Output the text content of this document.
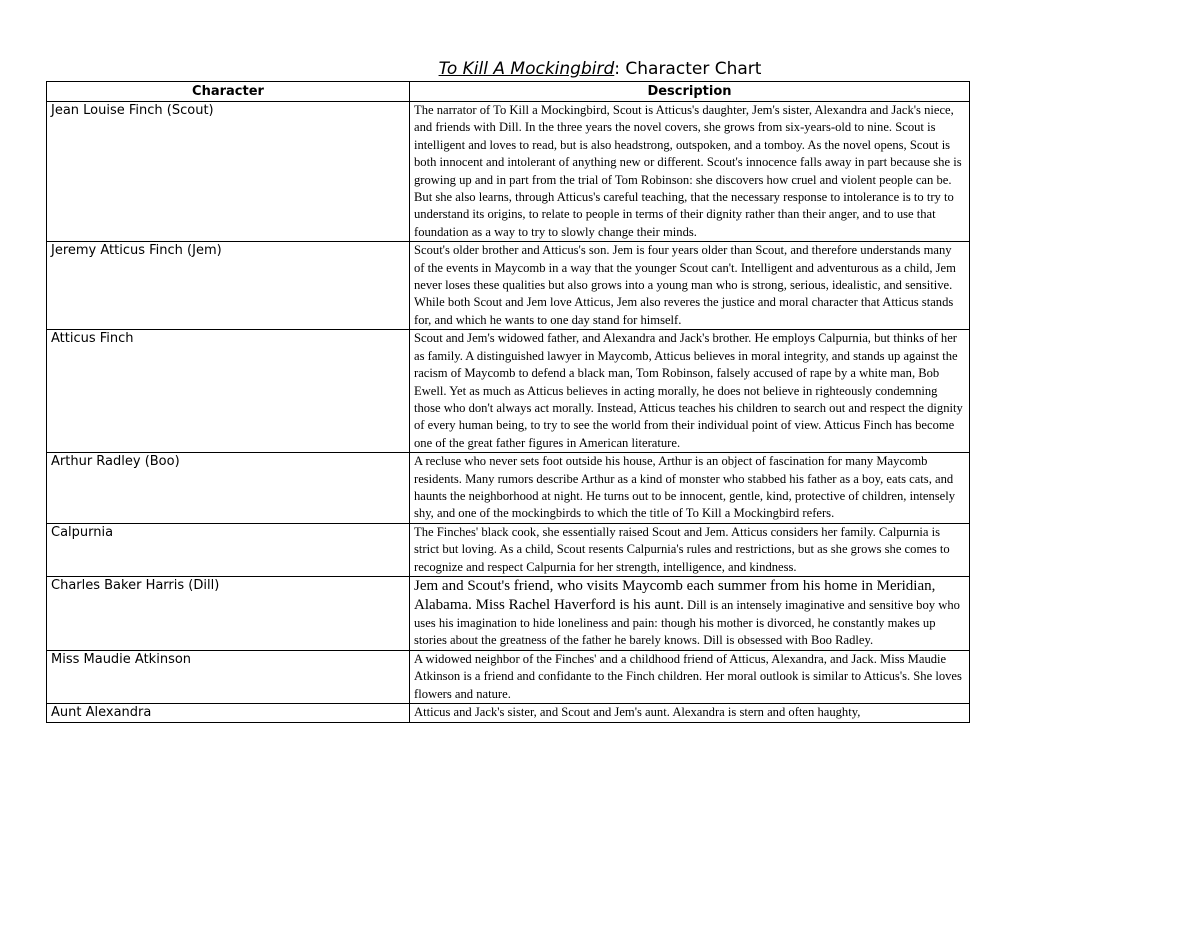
To Kill A Mockingbird: Character Chart
Character	Description
Jean Louise Finch (Scout)	The narrator of To Kill a Mockingbird, Scout is Atticus's daughter, Jem's sister, Alexandra and Jack's niece, and friends with Dill. In the three years the novel covers, she grows from six-years-old to nine. Scout is intelligent and loves to read, but is also headstrong, outspoken, and a tomboy. As the novel opens, Scout is both innocent and intolerant of anything new or different. Scout's innocence falls away in part because she is growing up and in part from the trial of Tom Robinson: she discovers how cruel and violent people can be. But she also learns, through Atticus's careful teaching, that the necessary response to intolerance is to try to understand its origins, to relate to people in terms of their dignity rather than their anger, and to use that foundation as a way to try to slowly change their minds.
Jeremy Atticus Finch (Jem)	Scout's older brother and Atticus's son. Jem is four years older than Scout, and therefore understands many of the events in Maycomb in a way that the younger Scout can't. Intelligent and adventurous as a child, Jem never loses these qualities but also grows into a young man who is strong, serious, idealistic, and sensitive. While both Scout and Jem love Atticus, Jem also reveres the justice and moral character that Atticus stands for, and which he wants to one day stand for himself.
Atticus Finch	Scout and Jem's widowed father, and Alexandra and Jack's brother. He employs Calpurnia, but thinks of her as family. A distinguished lawyer in Maycomb, Atticus believes in moral integrity, and stands up against the racism of Maycomb to defend a black man, Tom Robinson, falsely accused of rape by a white man, Bob Ewell. Yet as much as Atticus believes in acting morally, he does not believe in righteously condemning those who don't always act morally. Instead, Atticus teaches his children to search out and respect the dignity of every human being, to try to see the world from their individual point of view. Atticus Finch has become one of the great father figures in American literature.
Arthur Radley (Boo)	A recluse who never sets foot outside his house, Arthur is an object of fascination for many Maycomb residents. Many rumors describe Arthur as a kind of monster who stabbed his father as a boy, eats cats, and haunts the neighborhood at night. He turns out to be innocent, gentle, kind, protective of children, intensely shy, and one of the mockingbirds to which the title of To Kill a Mockingbird refers.
Calpurnia	The Finches' black cook, she essentially raised Scout and Jem. Atticus considers her family. Calpurnia is strict but loving. As a child, Scout resents Calpurnia's rules and restrictions, but as she grows she comes to recognize and respect Calpurnia for her strength, intelligence, and kindness.
Charles Baker Harris (Dill)	Jem and Scout's friend, who visits Maycomb each summer from his home in Meridian, Alabama. Miss Rachel Haverford is his aunt. Dill is an intensely imaginative and sensitive boy who uses his imagination to hide loneliness and pain: though his mother is divorced, he constantly makes up stories about the greatness of the father he barely knows. Dill is obsessed with Boo Radley.
Miss Maudie Atkinson	A widowed neighbor of the Finches' and a childhood friend of Atticus, Alexandra, and Jack. Miss Maudie Atkinson is a friend and confidante to the Finch children. Her moral outlook is similar to Atticus's. She loves flowers and nature.
Aunt Alexandra	Atticus and Jack's sister, and Scout and Jem's aunt. Alexandra is stern and often haughty,
